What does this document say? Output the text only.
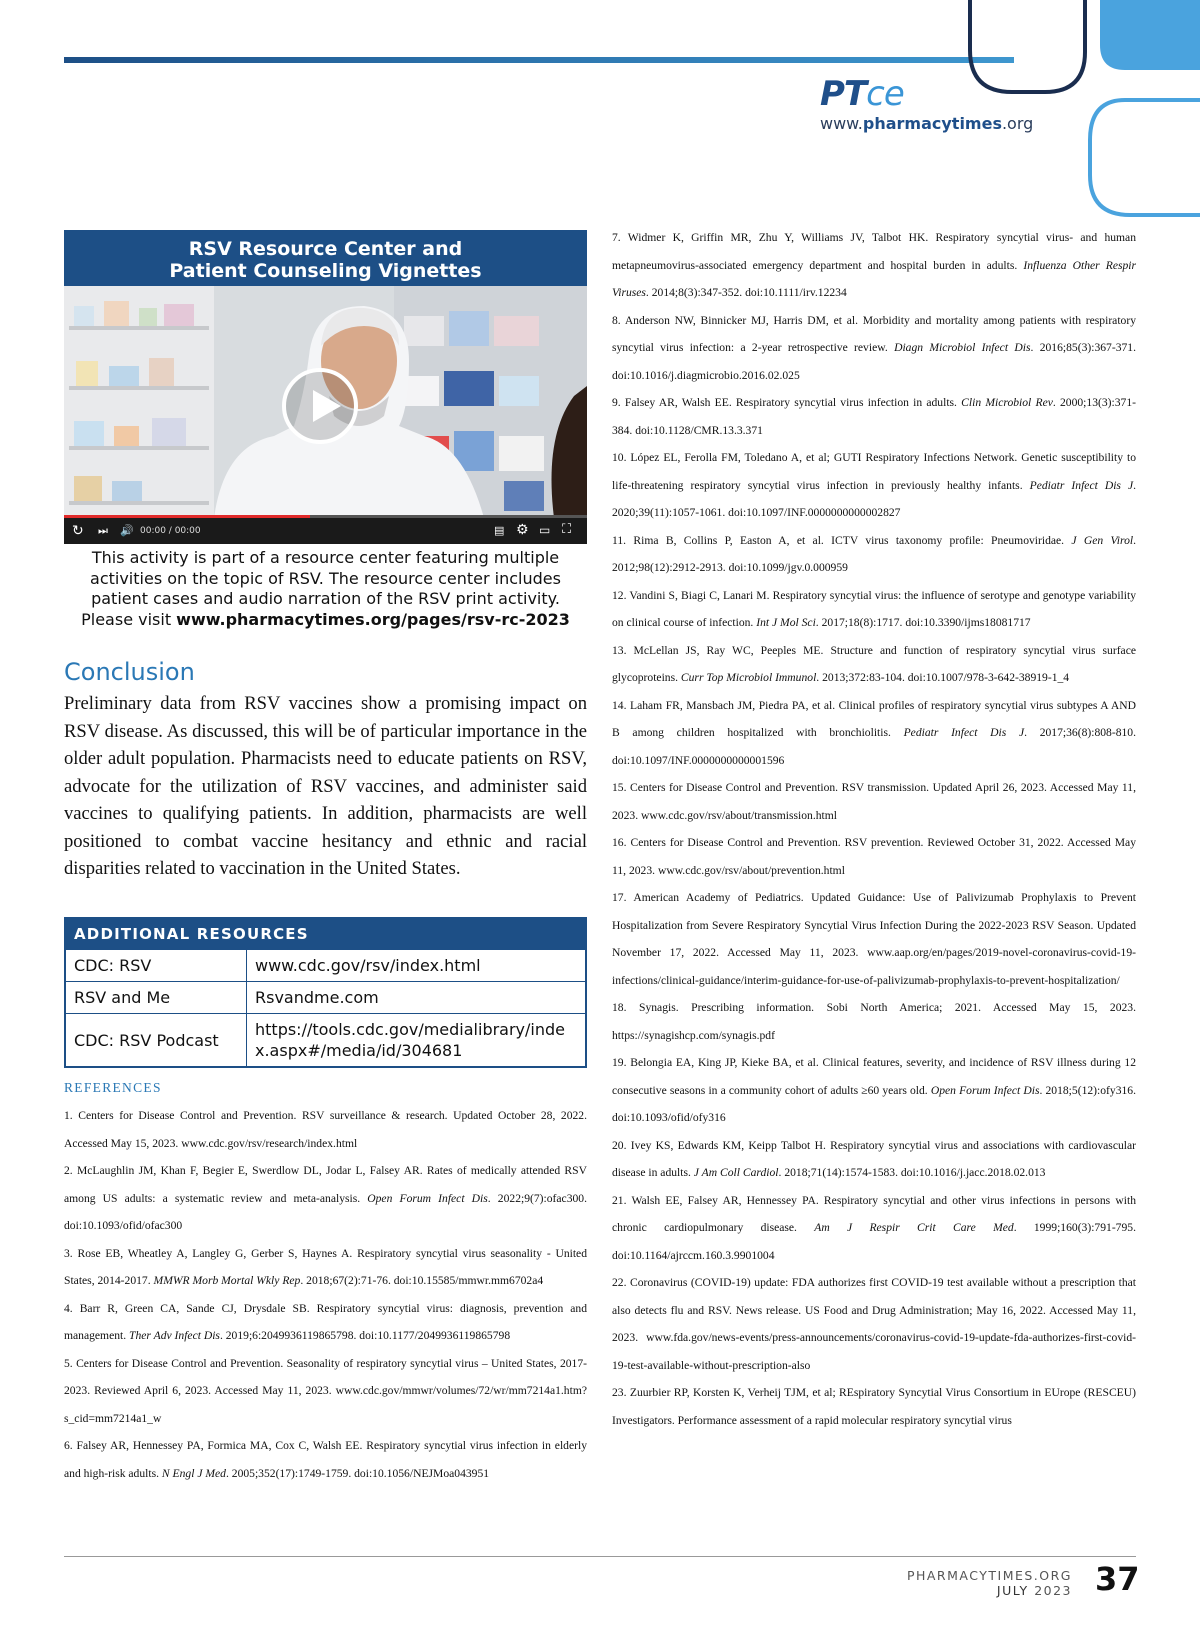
PTce
www.pharmacytimes.org
RSV Resource Center and
Patient Counseling Vignettes
↻ ⏭ 🔊 00:00 / 00:00	▤ ⚙ ▭ ⛶
This activity is part of a resource center featuring multiple activities on the topic of RSV. The resource center includes patient cases and audio narration of the RSV print activity. Please visit www.pharmacytimes.org/pages/rsv-rc-2023
Conclusion
Preliminary data from RSV vaccines show a promising impact on RSV disease. As discussed, this will be of particular importance in the older adult population. Pharmacists need to educate patients on RSV, advocate for the utilization of RSV vaccines, and administer said vaccines to qualifying patients. In addition, pharmacists are well positioned to combat vaccine hesitancy and ethnic and racial disparities related to vaccination in the United States.
ADDITIONAL RESOURCES
CDC: RSV	www.cdc.gov/rsv/index.html
RSV and Me	Rsvandme.com
CDC: RSV Podcast	https://tools.cdc.gov/medialibrary/index.aspx#/media/id/304681
REFERENCES

1. Centers for Disease Control and Prevention. RSV surveillance & research. Updated October 28, 2022. Accessed May 15, 2023. www.cdc.gov/rsv/research/index.html

2. McLaughlin JM, Khan F, Begier E, Swerdlow DL, Jodar L, Falsey AR. Rates of medically attended RSV among US adults: a systematic review and meta-analysis. Open Forum Infect Dis. 2022;9(7):ofac300. doi:10.1093/ofid/ofac300

3. Rose EB, Wheatley A, Langley G, Gerber S, Haynes A. Respiratory syncytial virus seasonality - United States, 2014-2017. MMWR Morb Mortal Wkly Rep. 2018;67(2):71-76. doi:10.15585/mmwr.mm6702a4

4. Barr R, Green CA, Sande CJ, Drysdale SB. Respiratory syncytial virus: diagnosis, prevention and management. Ther Adv Infect Dis. 2019;6:2049936119865798. doi:10.1177/2049936119865798

5. Centers for Disease Control and Prevention. Seasonality of respiratory syncytial virus – United States, 2017-2023. Reviewed April 6, 2023. Accessed May 11, 2023. www.cdc.gov/mmwr/volumes/72/wr/mm7214a1.htm?s_cid=mm7214a1_w

6. Falsey AR, Hennessey PA, Formica MA, Cox C, Walsh EE. Respiratory syncytial virus infection in elderly and high-risk adults. N Engl J Med. 2005;352(17):1749-1759. doi:10.1056/NEJMoa043951

7. Widmer K, Griffin MR, Zhu Y, Williams JV, Talbot HK. Respiratory syncytial virus- and human metapneumovirus-associated emergency department and hospital burden in adults. Influenza Other Respir Viruses. 2014;8(3):347-352. doi:10.1111/irv.12234

8. Anderson NW, Binnicker MJ, Harris DM, et al. Morbidity and mortality among patients with respiratory syncytial virus infection: a 2-year retrospective review. Diagn Microbiol Infect Dis. 2016;85(3):367-371. doi:10.1016/j.diagmicrobio.2016.02.025

9. Falsey AR, Walsh EE. Respiratory syncytial virus infection in adults. Clin Microbiol Rev. 2000;13(3):371-384. doi:10.1128/CMR.13.3.371

10. López EL, Ferolla FM, Toledano A, et al; GUTI Respiratory Infections Network. Genetic susceptibility to life-threatening respiratory syncytial virus infection in previously healthy infants. Pediatr Infect Dis J. 2020;39(11):1057-1061. doi:10.1097/INF.0000000000002827

11. Rima B, Collins P, Easton A, et al. ICTV virus taxonomy profile: Pneumoviridae. J Gen Virol. 2012;98(12):2912-2913. doi:10.1099/jgv.0.000959

12. Vandini S, Biagi C, Lanari M. Respiratory syncytial virus: the influence of serotype and genotype variability on clinical course of infection. Int J Mol Sci. 2017;18(8):1717. doi:10.3390/ijms18081717

13. McLellan JS, Ray WC, Peeples ME. Structure and function of respiratory syncytial virus surface glycoproteins. Curr Top Microbiol Immunol. 2013;372:83-104. doi:10.1007/978-3-642-38919-1_4

14. Laham FR, Mansbach JM, Piedra PA, et al. Clinical profiles of respiratory syncytial virus subtypes A AND B among children hospitalized with bronchiolitis. Pediatr Infect Dis J. 2017;36(8):808-810. doi:10.1097/INF.0000000000001596

15. Centers for Disease Control and Prevention. RSV transmission. Updated April 26, 2023. Accessed May 11, 2023. www.cdc.gov/rsv/about/transmission.html

16. Centers for Disease Control and Prevention. RSV prevention. Reviewed October 31, 2022. Accessed May 11, 2023. www.cdc.gov/rsv/about/prevention.html

17. American Academy of Pediatrics. Updated Guidance: Use of Palivizumab Prophylaxis to Prevent Hospitalization from Severe Respiratory Syncytial Virus Infection During the 2022-2023 RSV Season. Updated November 17, 2022. Accessed May 11, 2023. www.aap.org/en/pages/2019-novel-coronavirus-covid-19-infections/clinical-guidance/interim-guidance-for-use-of-palivizumab-prophylaxis-to-prevent-hospitalization/

18. Synagis. Prescribing information. Sobi North America; 2021. Accessed May 15, 2023. https://synagishcp.com/synagis.pdf

19. Belongia EA, King JP, Kieke BA, et al. Clinical features, severity, and incidence of RSV illness during 12 consecutive seasons in a community cohort of adults ≥60 years old. Open Forum Infect Dis. 2018;5(12):ofy316. doi:10.1093/ofid/ofy316

20. Ivey KS, Edwards KM, Keipp Talbot H. Respiratory syncytial virus and associations with cardiovascular disease in adults. J Am Coll Cardiol. 2018;71(14):1574-1583. doi:10.1016/j.jacc.2018.02.013

21. Walsh EE, Falsey AR, Hennessey PA. Respiratory syncytial and other virus infections in persons with chronic cardiopulmonary disease. Am J Respir Crit Care Med. 1999;160(3):791-795. doi:10.1164/ajrccm.160.3.9901004

22. Coronavirus (COVID-19) update: FDA authorizes first COVID-19 test available without a prescription that also detects flu and RSV. News release. US Food and Drug Administration; May 16, 2022. Accessed May 11, 2023. www.fda.gov/news-events/press-announcements/coronavirus-covid-19-update-fda-authorizes-first-covid-19-test-available-without-prescription-also

23. Zuurbier RP, Korsten K, Verheij TJM, et al; REspiratory Syncytial Virus Consortium in EUrope (RESCEU) Investigators. Performance assessment of a rapid molecular respiratory syncytial virus

PHARMACYTIMES.ORG
JULY 2023 37
